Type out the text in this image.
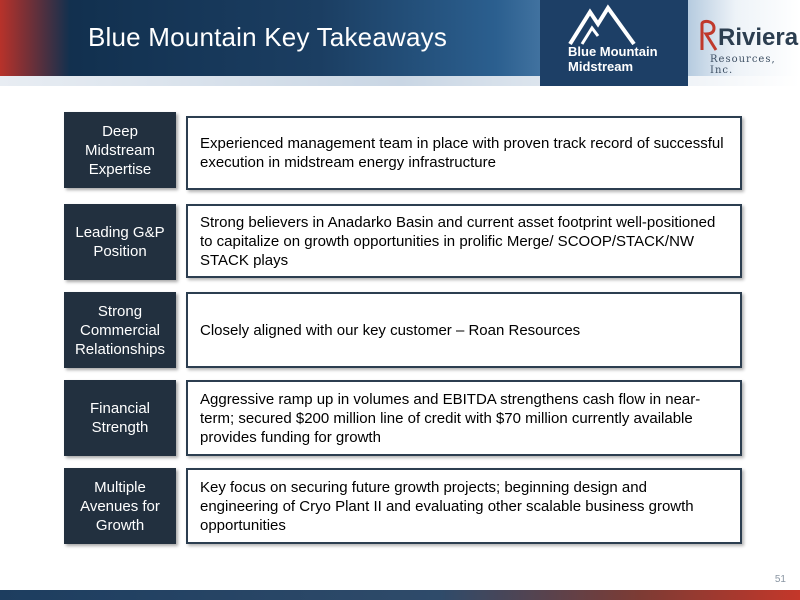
Blue Mountain Key Takeaways	Blue Mountain
Midstream
Riviera
Resources, Inc.
Deep Midstream Expertise
Experienced management team in place with proven track record of successful execution in midstream energy infrastructure
Leading G&P Position
Strong believers in Anadarko Basin and current asset footprint well-positioned to capitalize on growth opportunities in prolific Merge/ SCOOP/STACK/NW STACK plays
Strong Commercial Relationships
Closely aligned with our key customer – Roan Resources
Financial Strength
Aggressive ramp up in volumes and EBITDA strengthens cash flow in near-term; secured $200 million line of credit with $70 million currently available provides funding for growth
Multiple Avenues for Growth
Key focus on securing future growth projects; beginning design and engineering of Cryo Plant II and evaluating other scalable business growth opportunities
51
